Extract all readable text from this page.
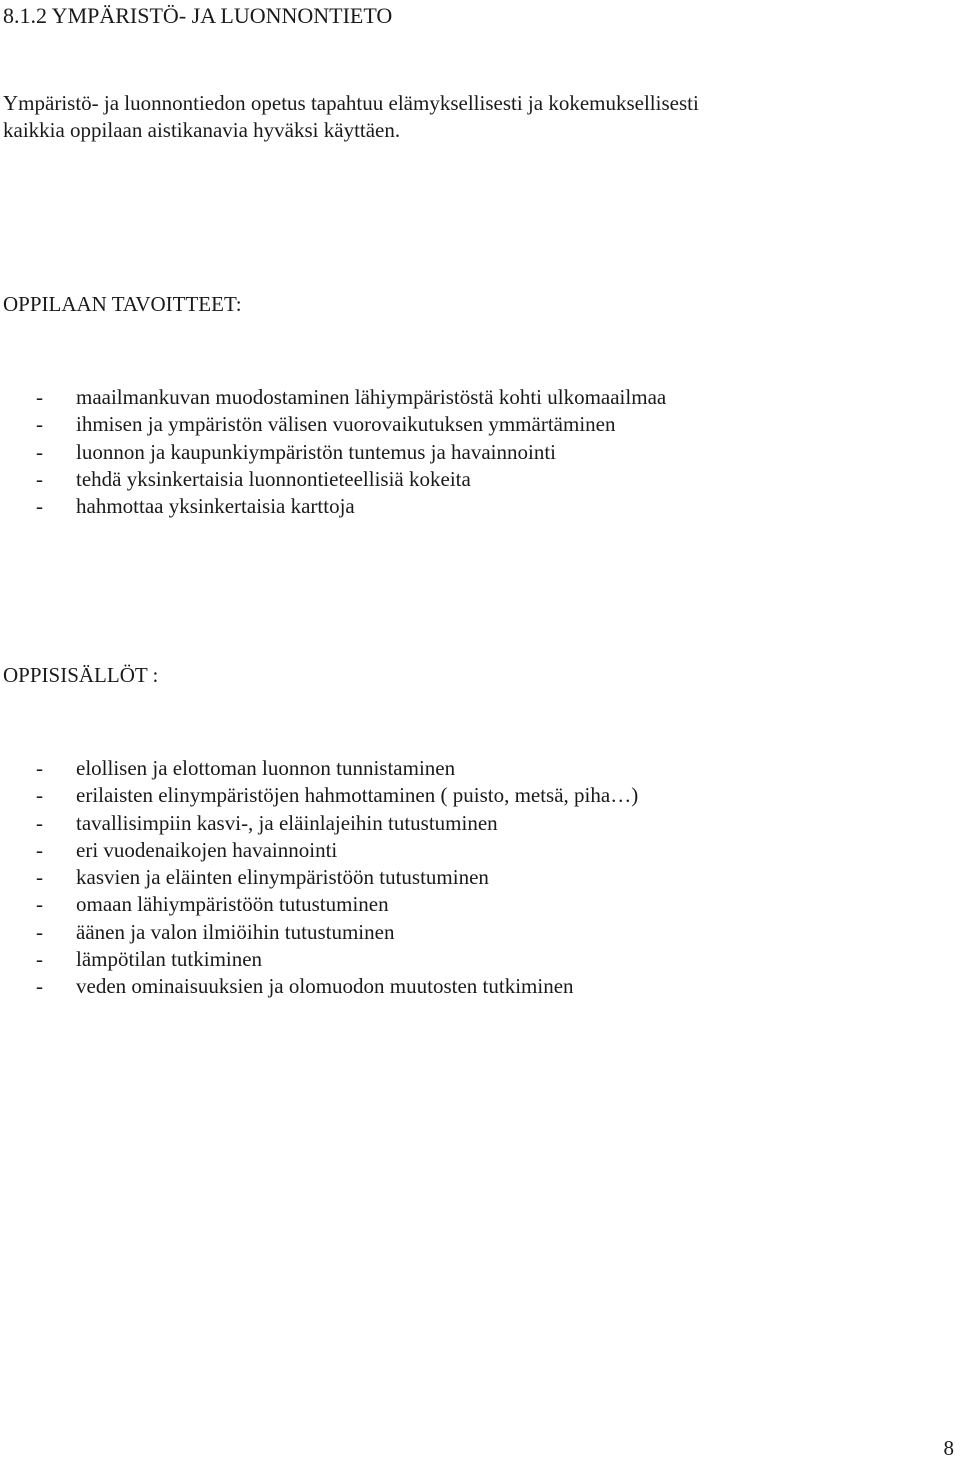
8.1.2 YMPÄRISTÖ- JA LUONNONTIETO

Ympäristö- ja luonnontiedon opetus tapahtuu elämyksellisesti ja kokemuksellisesti
kaikkia oppilaan aistikanavia hyväksi käyttäen.

OPPILAAN TAVOITTEET:
-	maailmankuvan muodostaminen lähiympäristöstä kohti ulkomaailmaa
-	ihmisen ja ympäristön välisen vuorovaikutuksen ymmärtäminen
-	luonnon ja kaupunkiympäristön tuntemus ja havainnointi
-	tehdä yksinkertaisia luonnontieteellisiä kokeita
-	hahmottaa yksinkertaisia karttoja
OPPISISÄLLÖT :
-	elollisen ja elottoman luonnon tunnistaminen
-	erilaisten elinympäristöjen hahmottaminen ( puisto, metsä, piha…)
-	tavallisimpiin kasvi-, ja eläinlajeihin tutustuminen
-	eri vuodenaikojen havainnointi
-	kasvien ja eläinten elinympäristöön tutustuminen
-	omaan lähiympäristöön tutustuminen
-	äänen ja valon ilmiöihin tutustuminen
-	lämpötilan tutkiminen
-	veden ominaisuuksien ja olomuodon muutosten tutkiminen
8
